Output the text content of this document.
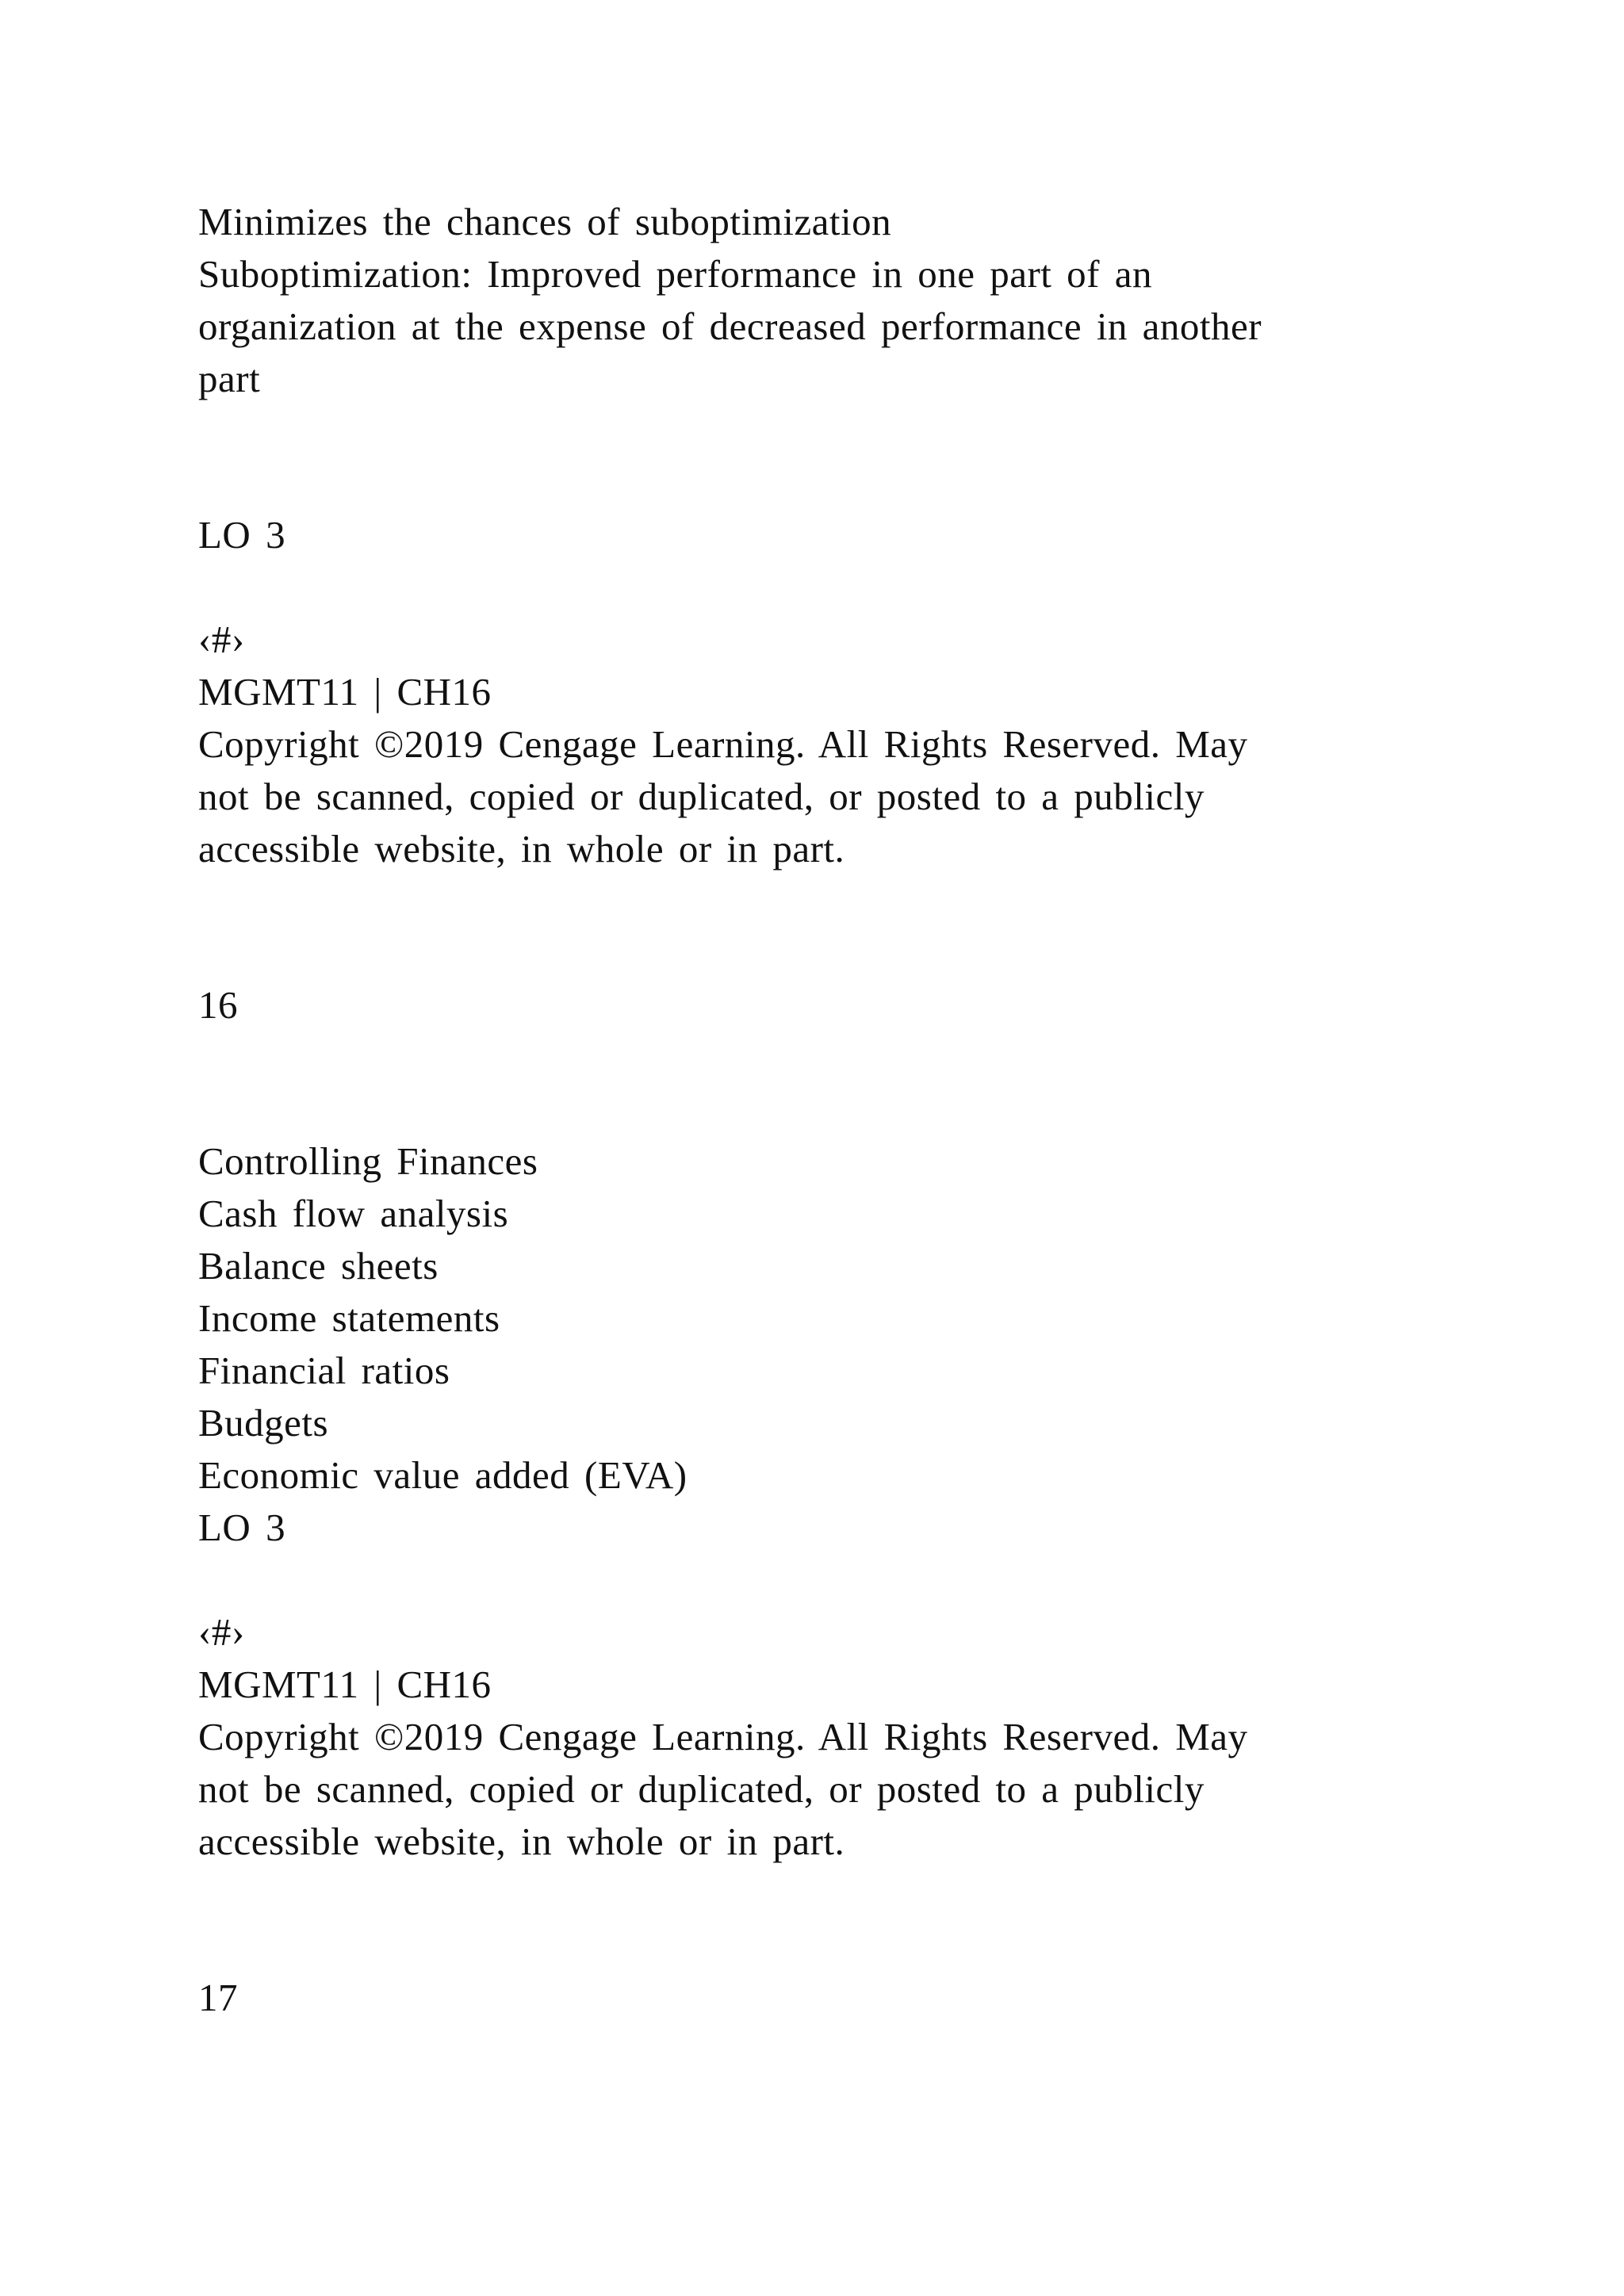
Minimizes the chances of suboptimization
Suboptimization: Improved performance in one part of an
organization at the expense of decreased performance in another
part
LO 3
‹#›
MGMT11 | CH16
Copyright ©2019 Cengage Learning. All Rights Reserved. May
not be scanned, copied or duplicated, or posted to a publicly
accessible website, in whole or in part.
16
Controlling Finances
Cash flow analysis
Balance sheets
Income statements
Financial ratios
Budgets
Economic value added (EVA)
LO 3
‹#›
MGMT11 | CH16
Copyright ©2019 Cengage Learning. All Rights Reserved. May
not be scanned, copied or duplicated, or posted to a publicly
accessible website, in whole or in part.
17
